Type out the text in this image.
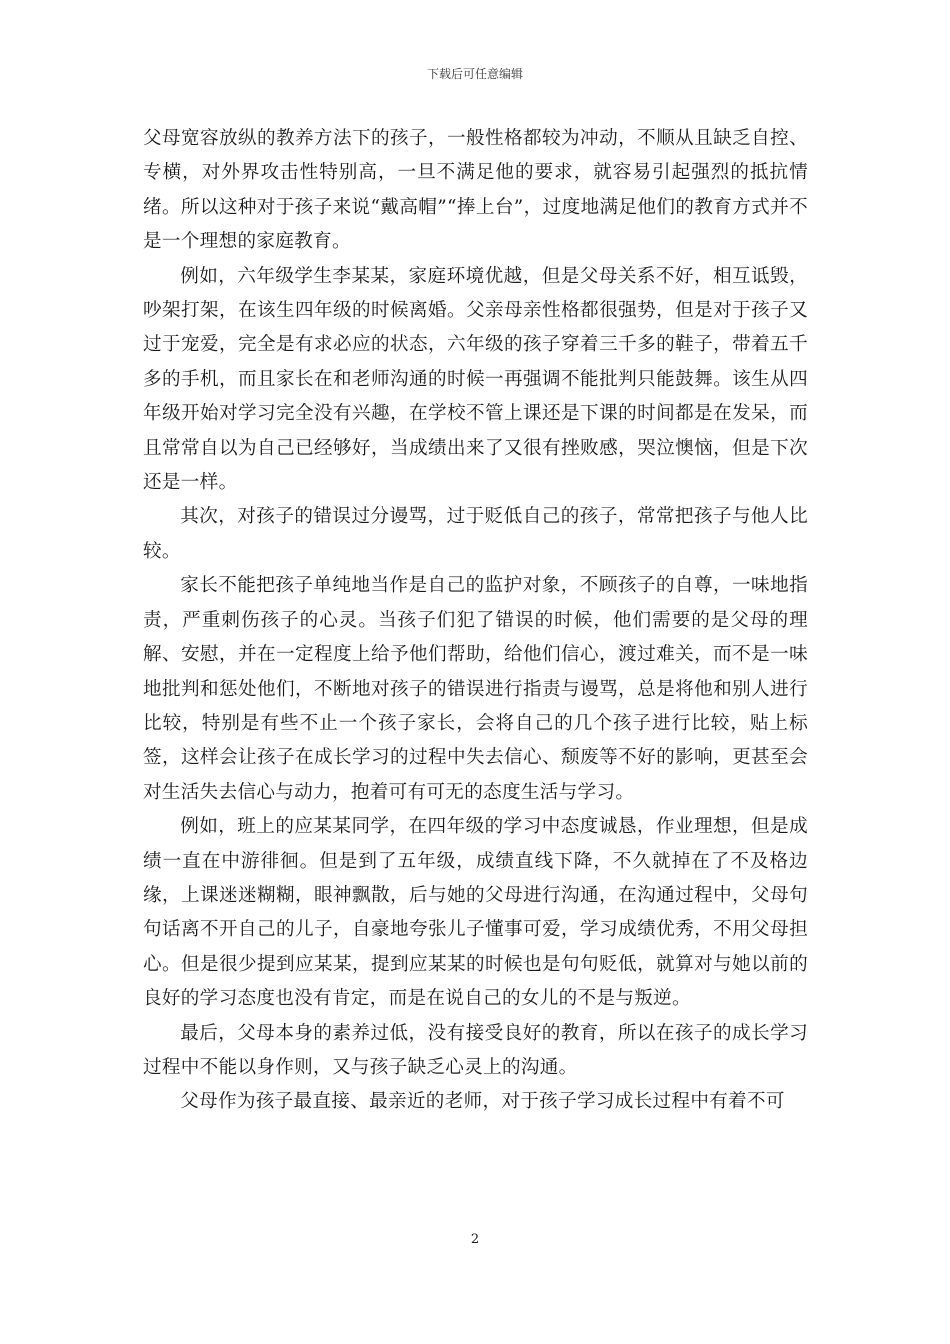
下载后可任意编辑

父母宽容放纵的教养方法下的孩子，一般性格都较为冲动，不顺从且缺乏自控、专横，对外界攻击性特别高，一旦不满足他的要求，就容易引起强烈的抵抗情绪。所以这种对于孩子来说“戴高帽”“捧上台”，过度地满足他们的教育方式并不是一个理想的家庭教育。

例如，六年级学生李某某，家庭环境优越，但是父母关系不好，相互诋毁，吵架打架，在该生四年级的时候离婚。父亲母亲性格都很强势，但是对于孩子又过于宠爱，完全是有求必应的状态，六年级的孩子穿着三千多的鞋子，带着五千多的手机，而且家长在和老师沟通的时候一再强调不能批判只能鼓舞。该生从四年级开始对学习完全没有兴趣，在学校不管上课还是下课的时间都是在发呆，而且常常自以为自己已经够好，当成绩出来了又很有挫败感，哭泣懊恼，但是下次还是一样。

其次，对孩子的错误过分谩骂，过于贬低自己的孩子，常常把孩子与他人比较。

家长不能把孩子单纯地当作是自己的监护对象，不顾孩子的自尊，一味地指责，严重刺伤孩子的心灵。当孩子们犯了错误的时候，他们需要的是父母的理解、安慰，并在一定程度上给予他们帮助，给他们信心，渡过难关，而不是一味地批判和惩处他们，不断地对孩子的错误进行指责与谩骂，总是将他和别人进行比较，特别是有些不止一个孩子家长，会将自己的几个孩子进行比较，贴上标签，这样会让孩子在成长学习的过程中失去信心、颓废等不好的影响，更甚至会对生活失去信心与动力，抱着可有可无的态度生活与学习。

例如，班上的应某某同学，在四年级的学习中态度诚恳，作业理想，但是成绩一直在中游徘徊。但是到了五年级，成绩直线下降，不久就掉在了不及格边缘，上课迷迷糊糊，眼神飘散，后与她的父母进行沟通，在沟通过程中，父母句句话离不开自己的儿子，自豪地夸张儿子懂事可爱，学习成绩优秀，不用父母担心。但是很少提到应某某，提到应某某的时候也是句句贬低，就算对与她以前的良好的学习态度也没有肯定，而是在说自己的女儿的不是与叛逆。

最后，父母本身的素养过低，没有接受良好的教育，所以在孩子的成长学习过程中不能以身作则，又与孩子缺乏心灵上的沟通。

父母作为孩子最直接、最亲近的老师，对于孩子学习成长过程中有着不可

2
